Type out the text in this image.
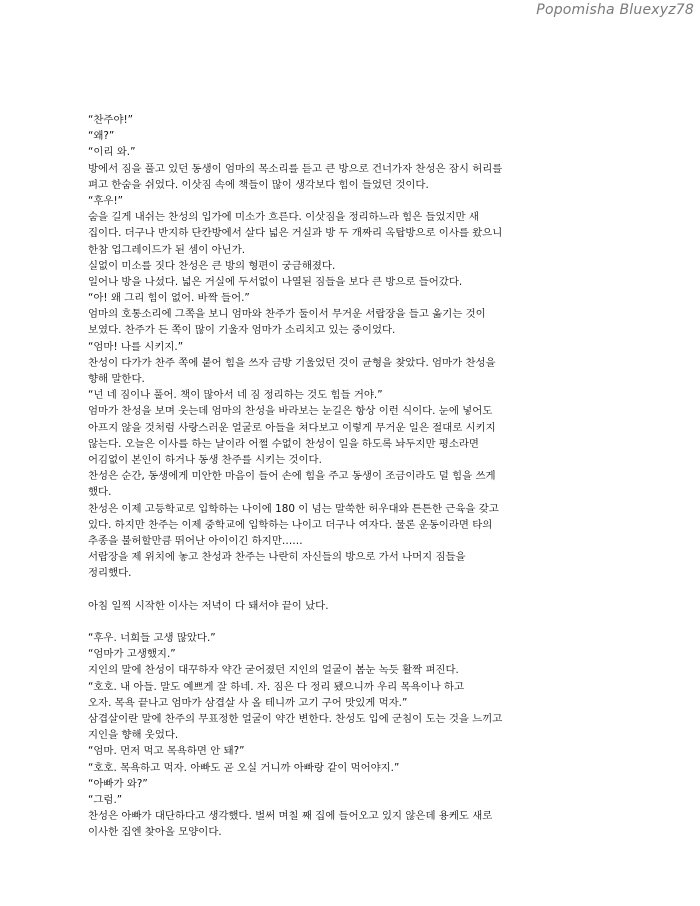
Popomisha Bluexyz78
“찬주야!”
“왜?”
“이리 와.”
방에서 짐을 풀고 있던 동생이 엄마의 목소리를 듣고 큰 방으로 건너가자 찬성은 잠시 허리를
펴고 한숨을 쉬었다. 이삿짐 속에 책들이 많이 생각보다 힘이 들었던 것이다.
“후우!”
숨을 길게 내쉬는 찬성의 입가에 미소가 흐른다. 이삿짐을 정리하느라 힘은 들었지만 새
집이다. 더구나 반지하 단칸방에서 살다 넓은 거실과 방 두 개짜리 옥탑방으로 이사를 왔으니
한참 업그레이드가 된 셈이 아닌가.
실없이 미소를 짓다 찬성은 큰 방의 형편이 궁금해졌다.
일어나 방을 나섰다. 넓은 거실에 두서없이 나열된 짐들을 보다 큰 방으로 들어갔다.
“아! 왜 그리 힘이 없어. 바짝 들어.”
엄마의 호통소리에 그쪽을 보니 엄마와 찬주가 둘이서 무거운 서랍장을 들고 옮기는 것이
보였다. 찬주가 든 쪽이 많이 기울자 엄마가 소리치고 있는 중이었다.
“엄마! 나를 시키지.”
찬성이 다가가 찬주 쪽에 붙어 힘을 쓰자 금방 기울었던 것이 균형을 찾았다. 엄마가 찬성을
향해 말한다.
“넌 네 짐이나 풀어. 책이 많아서 네 짐 정리하는 것도 힘들 거야.”
엄마가 찬성을 보며 웃는데 엄마의 찬성을 바라보는 눈길은 항상 이런 식이다. 눈에 넣어도
아프지 않을 것처럼 사랑스러운 얼굴로 아들을 쳐다보고 이렇게 무거운 일은 절대로 시키지
않는다. 오늘은 이사를 하는 날이라 어쩔 수없이 찬성이 일을 하도록 놔두지만 평소라면
어김없이 본인이 하거나 동생 찬주를 시키는 것이다.
찬성은 순간, 동생에게 미안한 마음이 들어 손에 힘을 주고 동생이 조금이라도 덜 힘을 쓰게
했다.
찬성은 이제 고등학교로 입학하는 나이에 180 이 넘는 말쑥한 허우대와 튼튼한 근육을 갖고
있다. 하지만 찬주는 이제 중학교에 입학하는 나이고 더구나 여자다. 물론 운동이라면 타의
추종을 불허할만큼 뛰어난 아이이긴 하지만……
서랍장을 제 위치에 놓고 찬성과 찬주는 나란히 자신들의 방으로 가서 나머지 짐들을
정리했다.
아침 일찍 시작한 이사는 저녁이 다 돼서야 끝이 났다.
“후우. 너희들 고생 많았다.”
“엄마가 고생했지.”
지인의 말에 찬성이 대꾸하자 약간 굳어졌던 지인의 얼굴이 봄눈 녹듯 활짝 펴진다.
“호호. 내 아들. 말도 예쁘게 잘 하네. 자. 짐은 다 정리 됐으니까 우리 목욕이나 하고
오자. 목욕 끝나고 엄마가 삼겹살 사 올 테니까 고기 구어 맛있게 먹자.”
삼겹살이란 말에 찬주의 무표정한 얼굴이 약간 변한다. 찬성도 입에 군침이 도는 것을 느끼고
지인을 향해 웃었다.
“엄마. 먼저 먹고 목욕하면 안 돼?”
“호호. 목욕하고 먹자. 아빠도 곧 오실 거니까 아빠랑 같이 먹어야지.”
“아빠가 와?”
“그럼.”
찬성은 아빠가 대단하다고 생각했다. 벌써 며칠 째 집에 들어오고 있지 않은데 용케도 새로
이사한 집엔 찾아올 모양이다.
